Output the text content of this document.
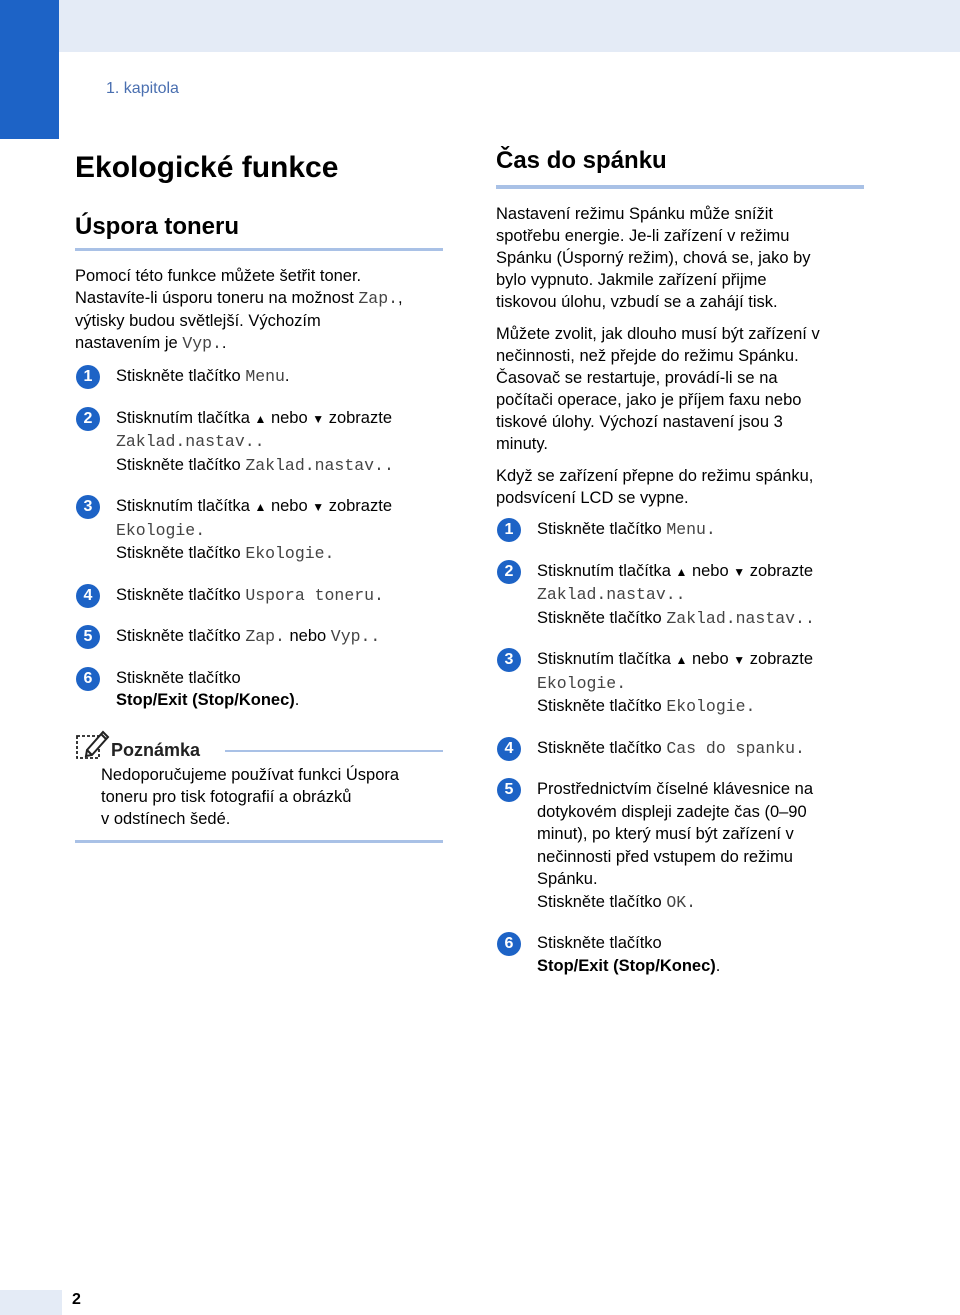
1. kapitola
Ekologické funkce
Úspora toneru
Pomocí této funkce můžete šetřit toner.
Nastavíte-li úsporu toneru na možnost Zap.,
výtisky budou světlejší. Výchozím
nastavením je Vyp..
1	Stiskněte tlačítko Menu.
2	Stisknutím tlačítka ▲ nebo ▼ zobrazte
Zaklad.nastav..
Stiskněte tlačítko Zaklad.nastav..
3	Stisknutím tlačítka ▲ nebo ▼ zobrazte
Ekologie.
Stiskněte tlačítko Ekologie.
4	Stiskněte tlačítko Uspora toneru.
5	Stiskněte tlačítko Zap. nebo Vyp..
6	Stiskněte tlačítko
Stop/Exit (Stop/Konec).
Poznámka
Nedoporučujeme používat funkci Úspora
toneru pro tisk fotografií a obrázků
v odstínech šedé.
Čas do spánku
Nastavení režimu Spánku může snížit
spotřebu energie. Je-li zařízení v režimu
Spánku (Úsporný režim), chová se, jako by
bylo vypnuto. Jakmile zařízení přijme
tiskovou úlohu, vzbudí se a zahájí tisk.
Můžete zvolit, jak dlouho musí být zařízení v
nečinnosti, než přejde do režimu Spánku.
Časovač se restartuje, provádí-li se na
počítači operace, jako je příjem faxu nebo
tiskové úlohy. Výchozí nastavení jsou 3
minuty.
Když se zařízení přepne do režimu spánku,
podsvícení LCD se vypne.
1	Stiskněte tlačítko Menu.
2	Stisknutím tlačítka ▲ nebo ▼ zobrazte
Zaklad.nastav..
Stiskněte tlačítko Zaklad.nastav..
3	Stisknutím tlačítka ▲ nebo ▼ zobrazte
Ekologie.
Stiskněte tlačítko Ekologie.
4	Stiskněte tlačítko Cas do spanku.
5	Prostřednictvím číselné klávesnice na
dotykovém displeji zadejte čas (0–90
minut), po který musí být zařízení v
nečinnosti před vstupem do režimu
Spánku.
Stiskněte tlačítko OK.
6	Stiskněte tlačítko
Stop/Exit (Stop/Konec).
2
